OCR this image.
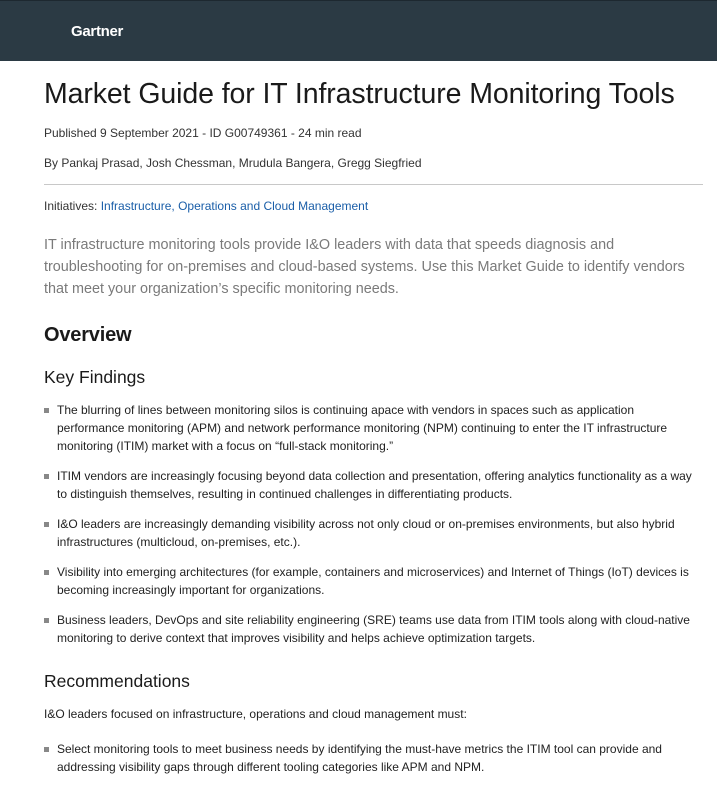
Gartner
Market Guide for IT Infrastructure Monitoring Tools
Published 9 September 2021 - ID G00749361 - 24 min read
By Pankaj Prasad, Josh Chessman, Mrudula Bangera, Gregg Siegfried
Initiatives: Infrastructure, Operations and Cloud Management

IT infrastructure monitoring tools provide I&O leaders with data that speeds diagnosis and troubleshooting for on-premises and cloud-based systems. Use this Market Guide to identify vendors that meet your organization’s specific monitoring needs.

Overview
Key Findings
The blurring of lines between monitoring silos is continuing apace with vendors in spaces such as application performance monitoring (APM) and network performance monitoring (NPM) continuing to enter the IT infrastructure monitoring (ITIM) market with a focus on “full-stack monitoring.”
ITIM vendors are increasingly focusing beyond data collection and presentation, offering analytics functionality as a way to distinguish themselves, resulting in continued challenges in differentiating products.
I&O leaders are increasingly demanding visibility across not only cloud or on-premises environments, but also hybrid infrastructures (multicloud, on-premises, etc.).
Visibility into emerging architectures (for example, containers and microservices) and Internet of Things (IoT) devices is becoming increasingly important for organizations.
Business leaders, DevOps and site reliability engineering (SRE) teams use data from ITIM tools along with cloud-native monitoring to derive context that improves visibility and helps achieve optimization targets.
Recommendations
I&O leaders focused on infrastructure, operations and cloud management must:
Select monitoring tools to meet business needs by identifying the must-have metrics the ITIM tool can provide and addressing visibility gaps through different tooling categories like APM and NPM.
